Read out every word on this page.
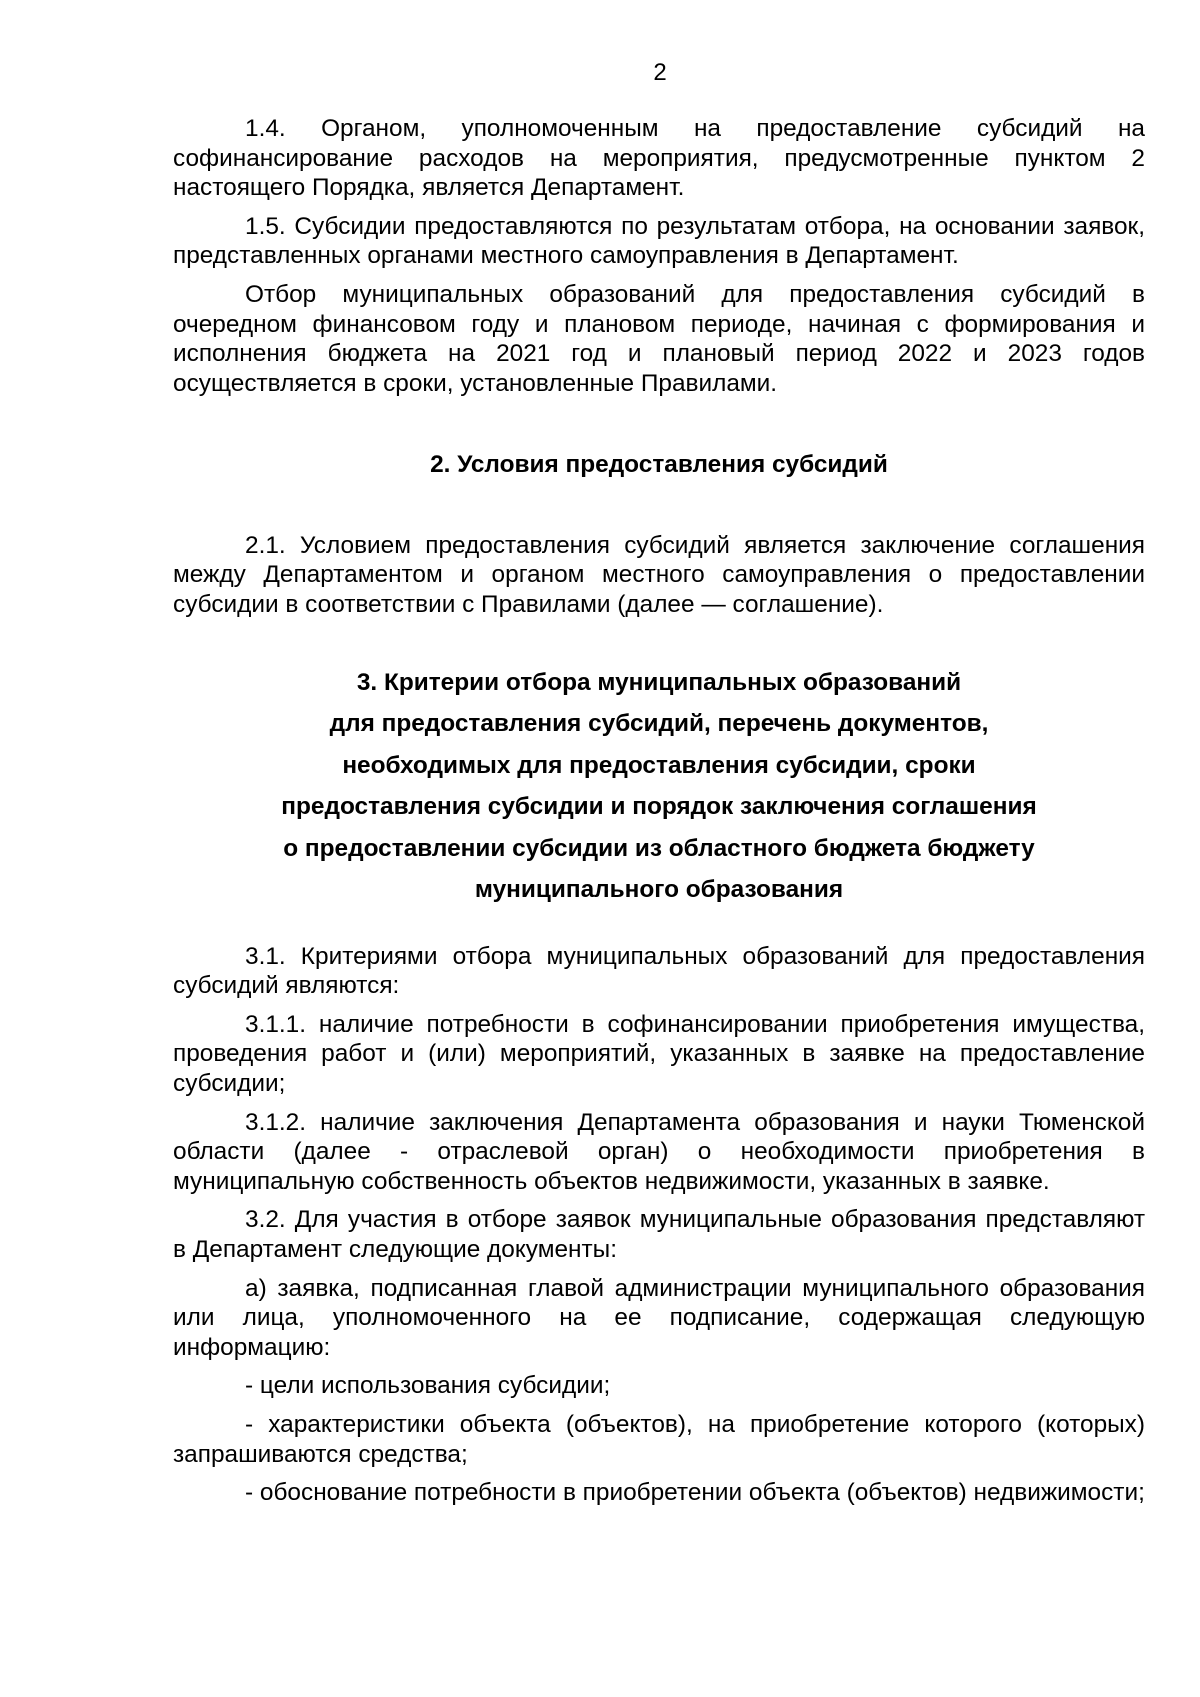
2

1.4. Органом, уполномоченным на предоставление субсидий на софинансирование расходов на мероприятия, предусмотренные пунктом 2 настоящего Порядка, является Департамент.

1.5. Субсидии предоставляются по результатам отбора, на основании заявок, представленных органами местного самоуправления в Департамент.

Отбор муниципальных образований для предоставления субсидий в очередном финансовом году и плановом периоде, начиная с формирования и исполнения бюджета на 2021 год и плановый период 2022 и 2023 годов осуществляется в сроки, установленные Правилами.

2. Условия предоставления субсидий

2.1. Условием предоставления субсидий является заключение соглашения между Департаментом и органом местного самоуправления о предоставлении субсидии в соответствии с Правилами (далее — соглашение).

3. Критерии отбора муниципальных образований
для предоставления субсидий, перечень документов,
необходимых для предоставления субсидии, сроки
предоставления субсидии и порядок заключения соглашения
о предоставлении субсидии из областного бюджета бюджету
муниципального образования

3.1. Критериями отбора муниципальных образований для предоставления субсидий являются:

3.1.1. наличие потребности в софинансировании приобретения имущества, проведения работ и (или) мероприятий, указанных в заявке на предоставление субсидии;

3.1.2. наличие заключения Департамента образования и науки Тюменской области (далее - отраслевой орган) о необходимости приобретения в муниципальную собственность объектов недвижимости, указанных в заявке.

3.2. Для участия в отборе заявок муниципальные образования представляют в Департамент следующие документы:

а) заявка, подписанная главой администрации муниципального образования или лица, уполномоченного на ее подписание, содержащая следующую информацию:

- цели использования субсидии;

- характеристики объекта (объектов), на приобретение которого (которых) запрашиваются средства;

- обоснование потребности в приобретении объекта (объектов) недвижимости;
